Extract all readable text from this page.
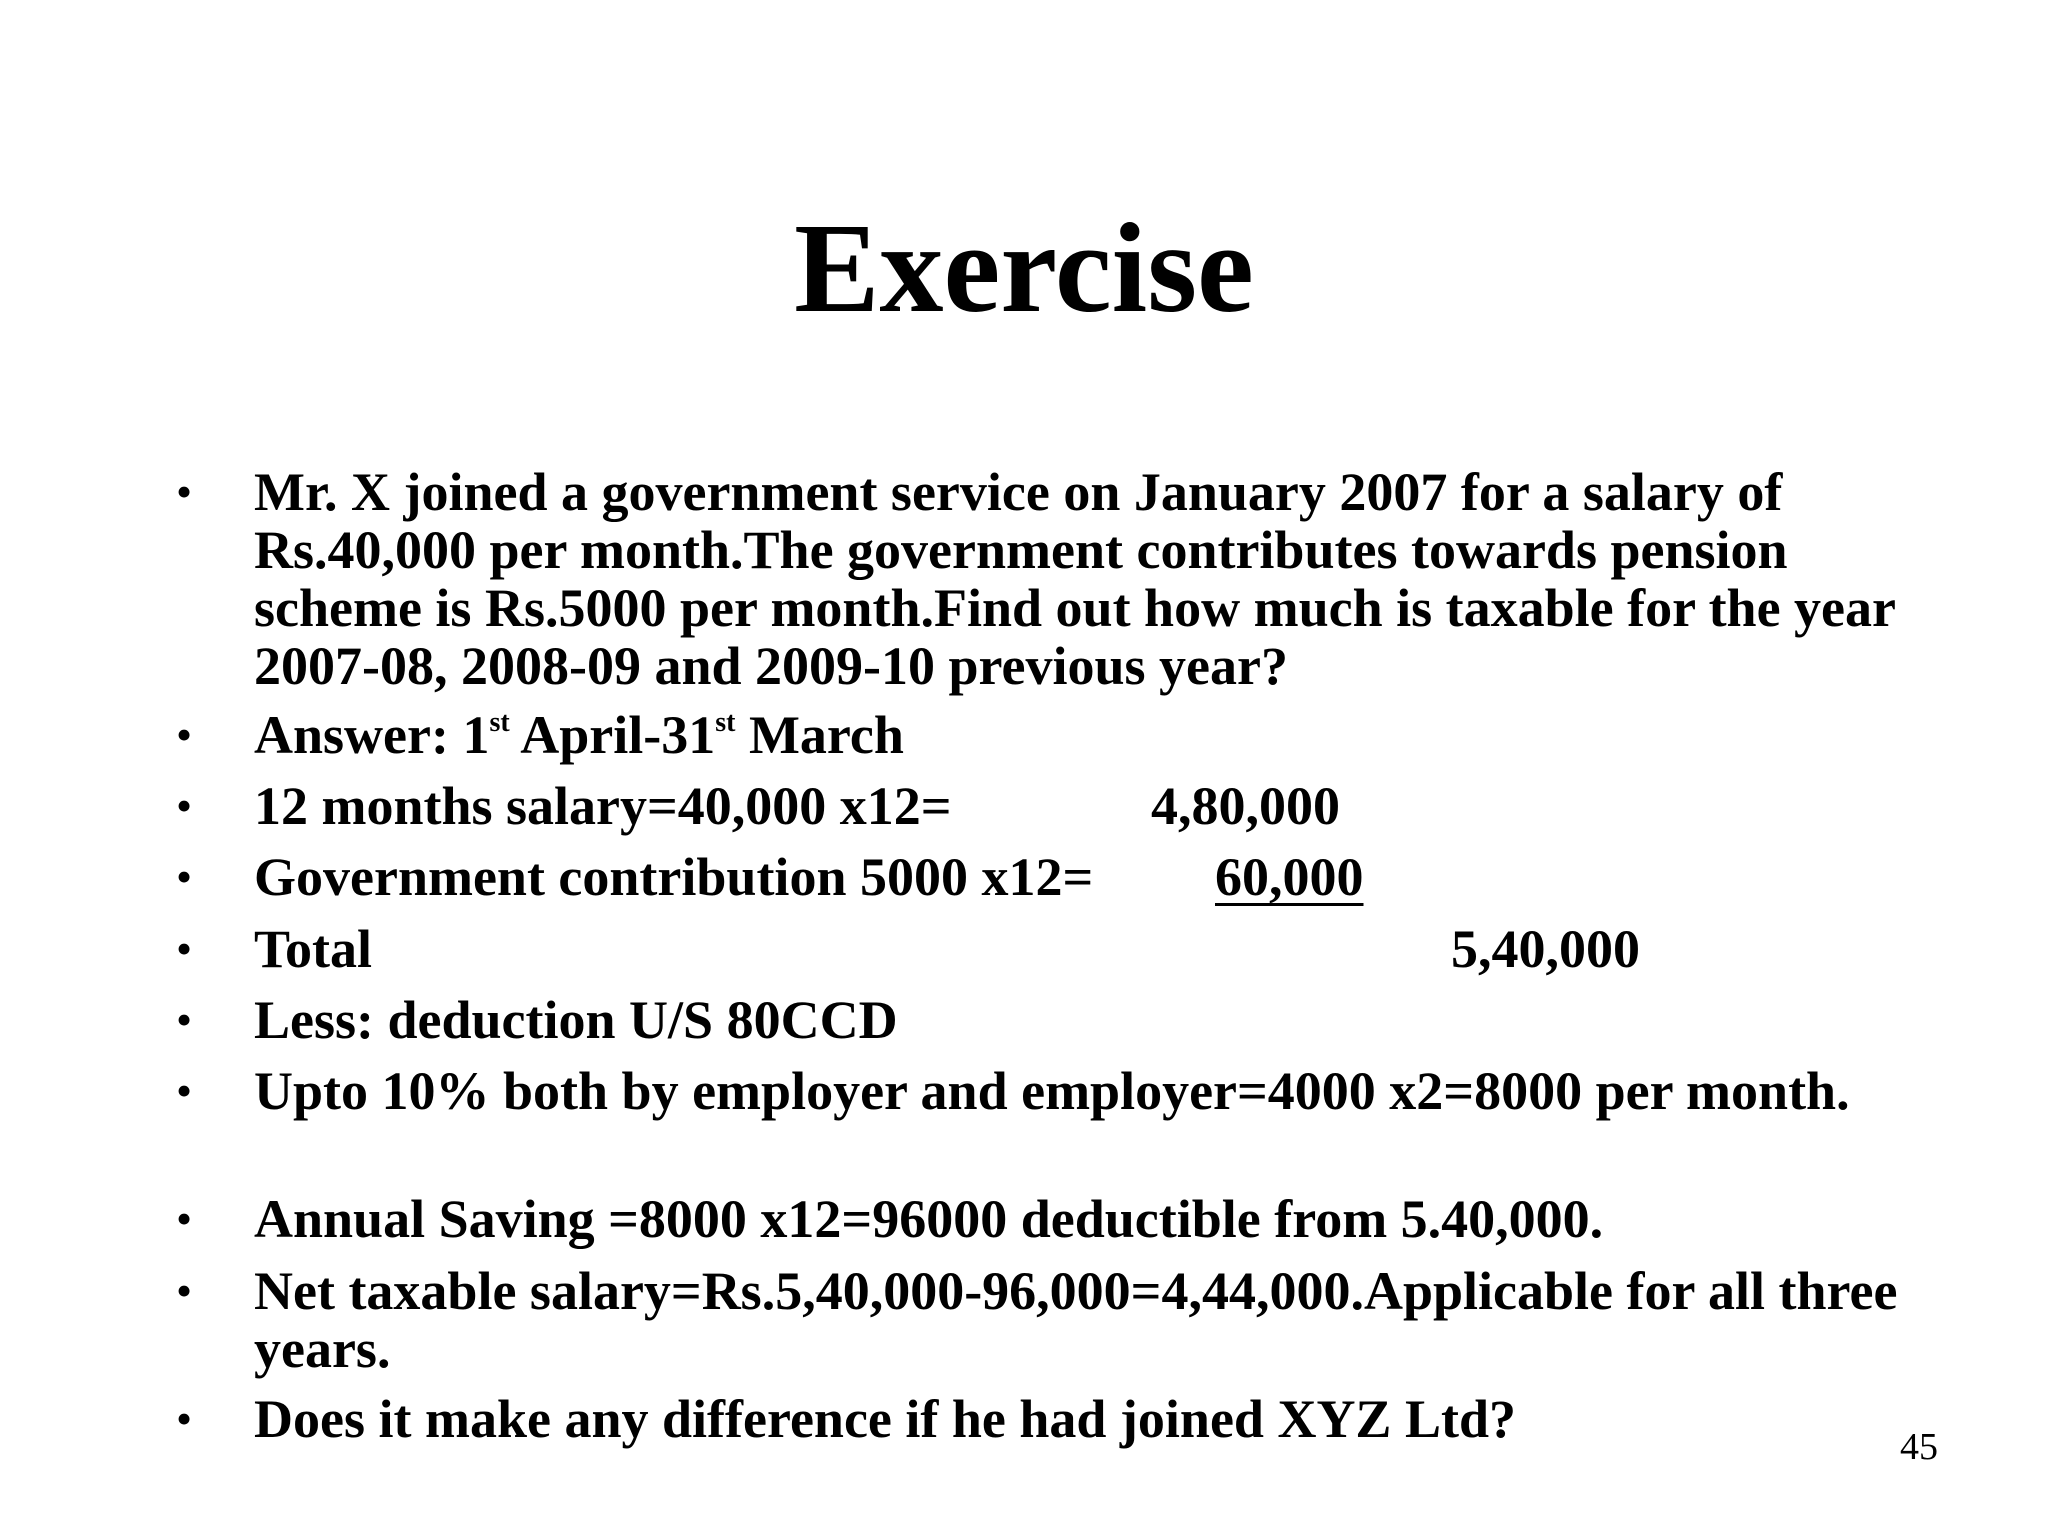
Exercise
• Mr. X joined a government service on January 2007 for a salary of Rs.40,000 per month.The government contributes towards pension scheme is Rs.5000 per month.Find out how much is taxable for the year 2007-08, 2008-09 and 2009-10 previous year?
• Answer: 1st April-31st March
• 12 months salary=40,000 x12=	4,80,000
• Government contribution 5000 x12=	60,000
• Total	5,40,000
• Less: deduction U/S 80CCD
• Upto 10% both by employer and employer=4000 x2=8000 per month.
• Annual Saving =8000 x12=96000 deductible from 5.40,000.
• Net taxable salary=Rs.5,40,000-96,000=4,44,000.Applicable for all three years.
• Does it make any difference if he had joined XYZ Ltd?	45
